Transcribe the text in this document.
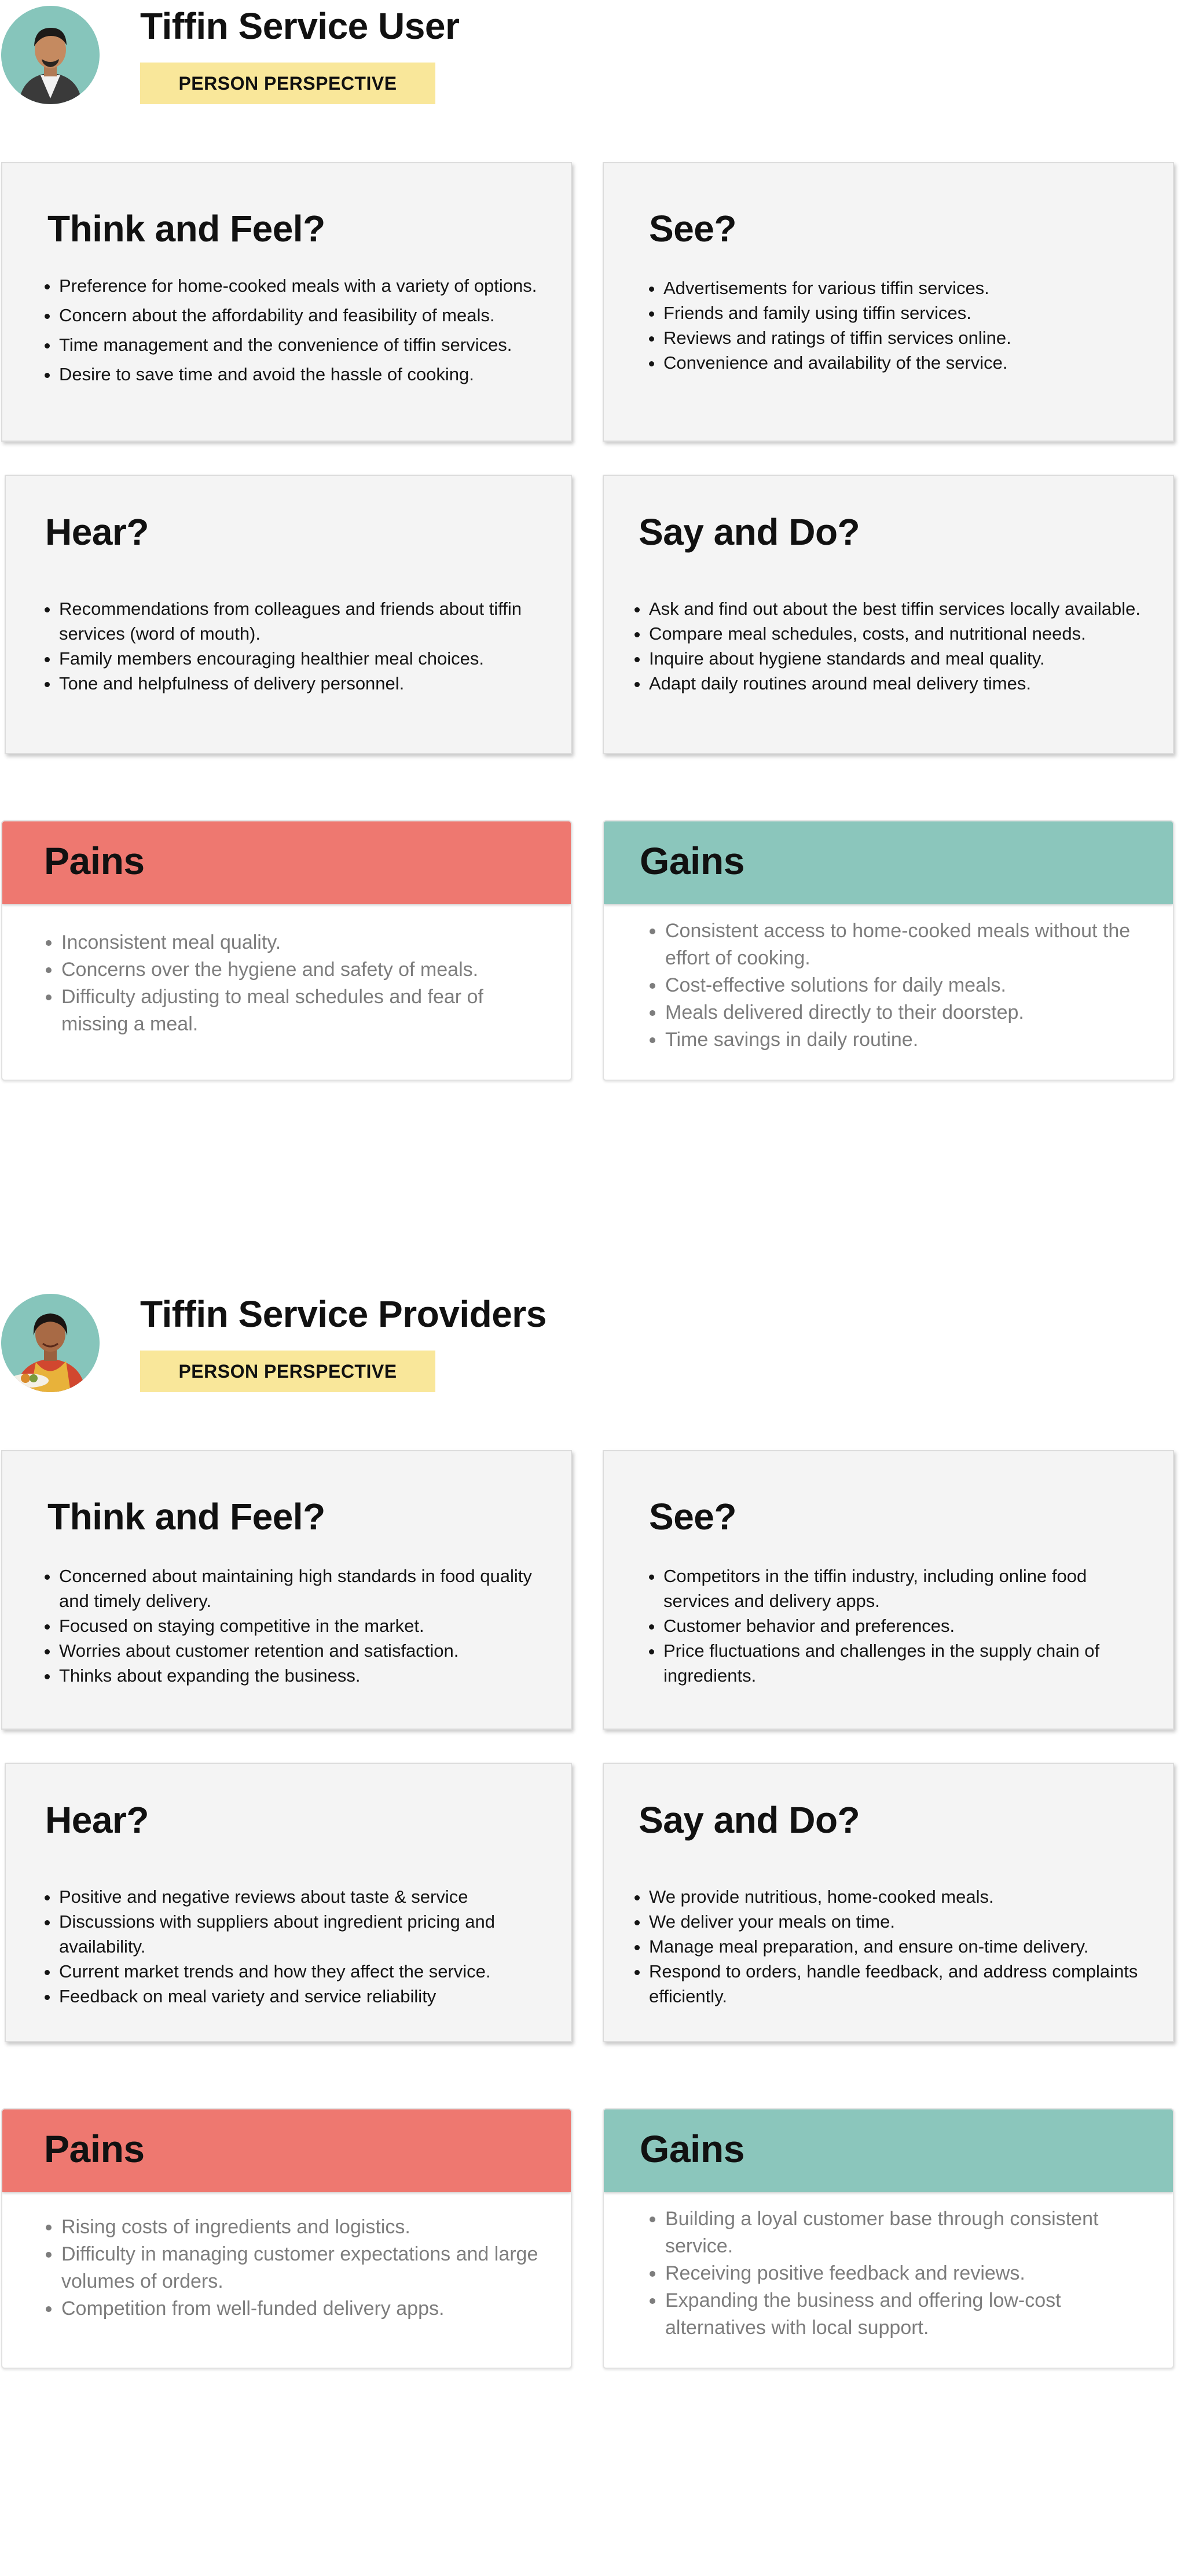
Tiffin Service User
PERSON PERSPECTIVE
Think and Feel?
• Preference for home-cooked meals with a variety of options.
• Concern about the affordability and feasibility of meals.
• Time management and the convenience of tiffin services.
• Desire to save time and avoid the hassle of cooking.
See?
• Advertisements for various tiffin services.
• Friends and family using tiffin services.
• Reviews and ratings of tiffin services online.
• Convenience and availability of the service.
Hear?
• Recommendations from colleagues and friends about tiffin services (word of mouth).
• Family members encouraging healthier meal choices.
• Tone and helpfulness of delivery personnel.
Say and Do?
• Ask and find out about the best tiffin services locally available.
• Compare meal schedules, costs, and nutritional needs.
• Inquire about hygiene standards and meal quality.
• Adapt daily routines around meal delivery times.
Pains
• Inconsistent meal quality.
• Concerns over the hygiene and safety of meals.
• Difficulty adjusting to meal schedules and fear of missing a meal.
Gains
• Consistent access to home-cooked meals without the effort of cooking.
• Cost-effective solutions for daily meals.
• Meals delivered directly to their doorstep.
• Time savings in daily routine.
Tiffin Service Providers
PERSON PERSPECTIVE
Think and Feel?
• Concerned about maintaining high standards in food quality and timely delivery.
• Focused on staying competitive in the market.
• Worries about customer retention and satisfaction.
• Thinks about expanding the business.
See?
• Competitors in the tiffin industry, including online food services and delivery apps.
• Customer behavior and preferences.
• Price fluctuations and challenges in the supply chain of ingredients.
Hear?
• Positive and negative reviews about taste & service
• Discussions with suppliers about ingredient pricing and availability.
• Current market trends and how they affect the service.
• Feedback on meal variety and service reliability
Say and Do?
• We provide nutritious, home-cooked meals.
• We deliver your meals on time.
• Manage meal preparation, and ensure on-time delivery.
• Respond to orders, handle feedback, and address complaints efficiently.
Pains
• Rising costs of ingredients and logistics.
• Difficulty in managing customer expectations and large volumes of orders.
• Competition from well-funded delivery apps.
Gains
• Building a loyal customer base through consistent service.
• Receiving positive feedback and reviews.
• Expanding the business and offering low-cost alternatives with local support.
